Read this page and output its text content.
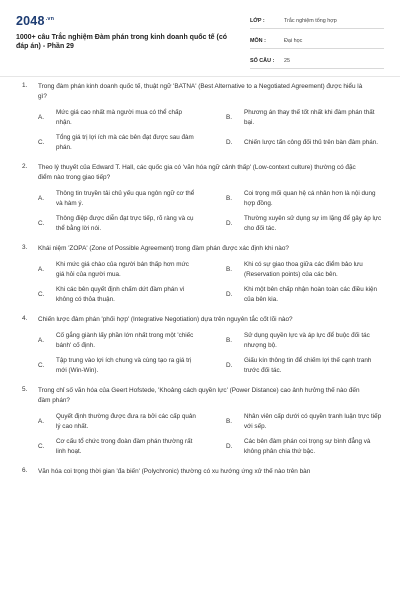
$2048^{.vn}$
1000+ câu Trắc nghiệm Đàm phán trong kinh doanh quốc tế (có đáp án) - Phần 29
LỚP :	Trắc nghiệm tổng hợp
MÔN :	Đại học
SỐ CÂU :	25
1.	Trong đàm phán kinh doanh quốc tế, thuật ngữ 'BATNA' (Best Alternative to a Negotiated Agreement) được hiểu là gì?
A.
Mức giá cao nhất mà người mua có thể chấp nhận.
B.
Phương án thay thế tốt nhất khi đàm phán thất bại.
C.
Tổng giá trị lợi ích mà các bên đạt được sau đàm phán.
D.	Chiến lược tấn công đối thủ trên bàn đàm phán.
2.	Theo lý thuyết của Edward T. Hall, các quốc gia có 'văn hóa ngữ cảnh thấp' (Low-context culture) thường có đặc điểm nào trong giao tiếp?
A.
Thông tin truyền tải chủ yếu qua ngôn ngữ cơ thể và hàm ý.
B.
Coi trọng mối quan hệ cá nhân hơn là nội dung hợp đồng.
C.
Thông điệp được diễn đạt trực tiếp, rõ ràng và cụ thể bằng lời nói.
D.
Thường xuyên sử dụng sự im lặng để gây áp lực cho đối tác.
3.	Khái niệm 'ZOPA' (Zone of Possible Agreement) trong đàm phán được xác định khi nào?
A.
Khi mức giá chào của người bán thấp hơn mức giá hỏi của người mua.
B.
Khi có sự giao thoa giữa các điểm bảo lưu (Reservation points) của các bên.
C.
Khi các bên quyết định chấm dứt đàm phán vì không có thỏa thuận.
D.
Khi một bên chấp nhận hoàn toàn các điều kiện của bên kia.
4.	Chiến lược đàm phán 'phối hợp' (Integrative Negotiation) dựa trên nguyên tắc cốt lõi nào?
A.
Cố gắng giành lấy phần lớn nhất trong một 'chiếc bánh' cố định.
B.
Sử dụng quyền lực và áp lực để buộc đối tác nhượng bộ.
C.
Tập trung vào lợi ích chung và cùng tạo ra giá trị mới (Win-Win).
D.
Giấu kín thông tin để chiếm lợi thế cạnh tranh trước đối tác.
5.	Trong chỉ số văn hóa của Geert Hofstede, 'Khoảng cách quyền lực' (Power Distance) cao ảnh hưởng thế nào đến đàm phán?
A.
Quyết định thường được đưa ra bởi các cấp quản lý cao nhất.
B.
Nhân viên cấp dưới có quyền tranh luận trực tiếp với sếp.
C.
Cơ cấu tổ chức trong đoàn đàm phán thường rất linh hoạt.
D.
Các bên đàm phán coi trọng sự bình đẳng và không phân chia thứ bậc.
6.	Văn hóa coi trọng thời gian 'đa biến' (Polychronic) thường có xu hướng ứng xử thế nào trên bàn
